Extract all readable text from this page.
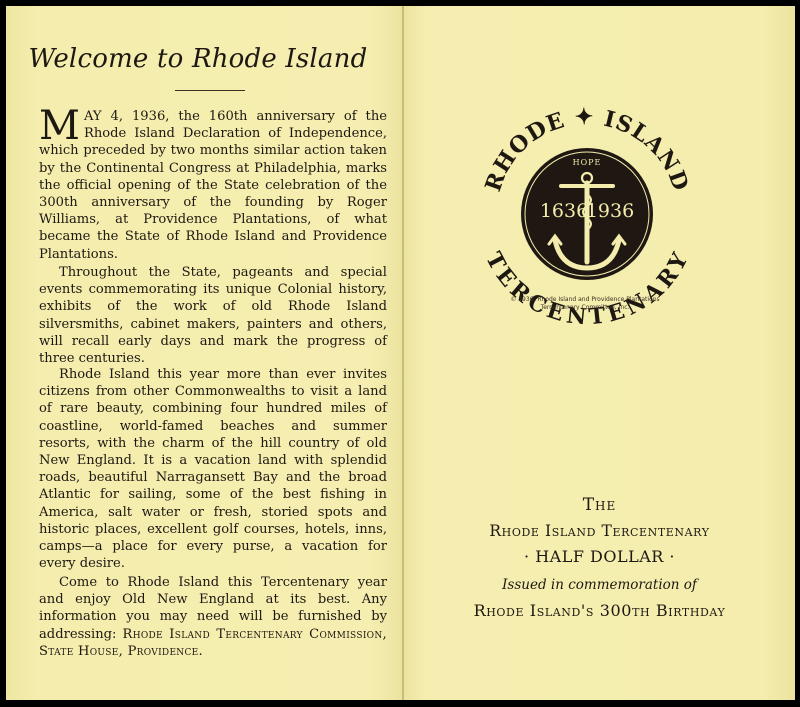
Welcome to Rhode Island
M AY 4, 1936, the 160th anniversary of the Rhode Island Declaration of Independence, which preceded by two months similar action taken by the Continental Congress at Philadelphia, marks the official opening of the State celebration of the 300th anniversary of the founding by Roger Williams, at Providence Plantations, of what became the State of Rhode Island and Providence Plantations.

Throughout the State, pageants and special events commemorating its unique Colonial history, exhibits of the work of old Rhode Island silversmiths, cabinet makers, painters and others, will recall early days and mark the progress of three centuries.
Rhode Island this year more than ever invites citizens from other Commonwealths to visit a land of rare beauty, combining four hundred miles of coastline, world-famed beaches and summer resorts, with the charm of the hill country of old New England. It is a vacation land with splendid roads, beautiful Narragansett Bay and the broad Atlantic for sailing, some of the best fishing in America, salt water or fresh, storied spots and historic places, excellent golf courses, hotels, inns, camps—a place for every purse, a vacation for every desire.
Come to Rhode Island this Tercentenary year and enjoy Old New England at its best. Any information you may need will be furnished by addressing: Rhode Island Tercentenary Commission, State House, Providence.
RHODE ✦ ISLAND
TERCENTENARY
HOPE
1636
1936
© 1936, Rhode Island and Providence Plantations
Tercentenary Committee, Inc.
The
Rhode Island Tercentenary
· HALF DOLLAR ·
Issued in commemoration of
Rhode Island's 300th Birthday
